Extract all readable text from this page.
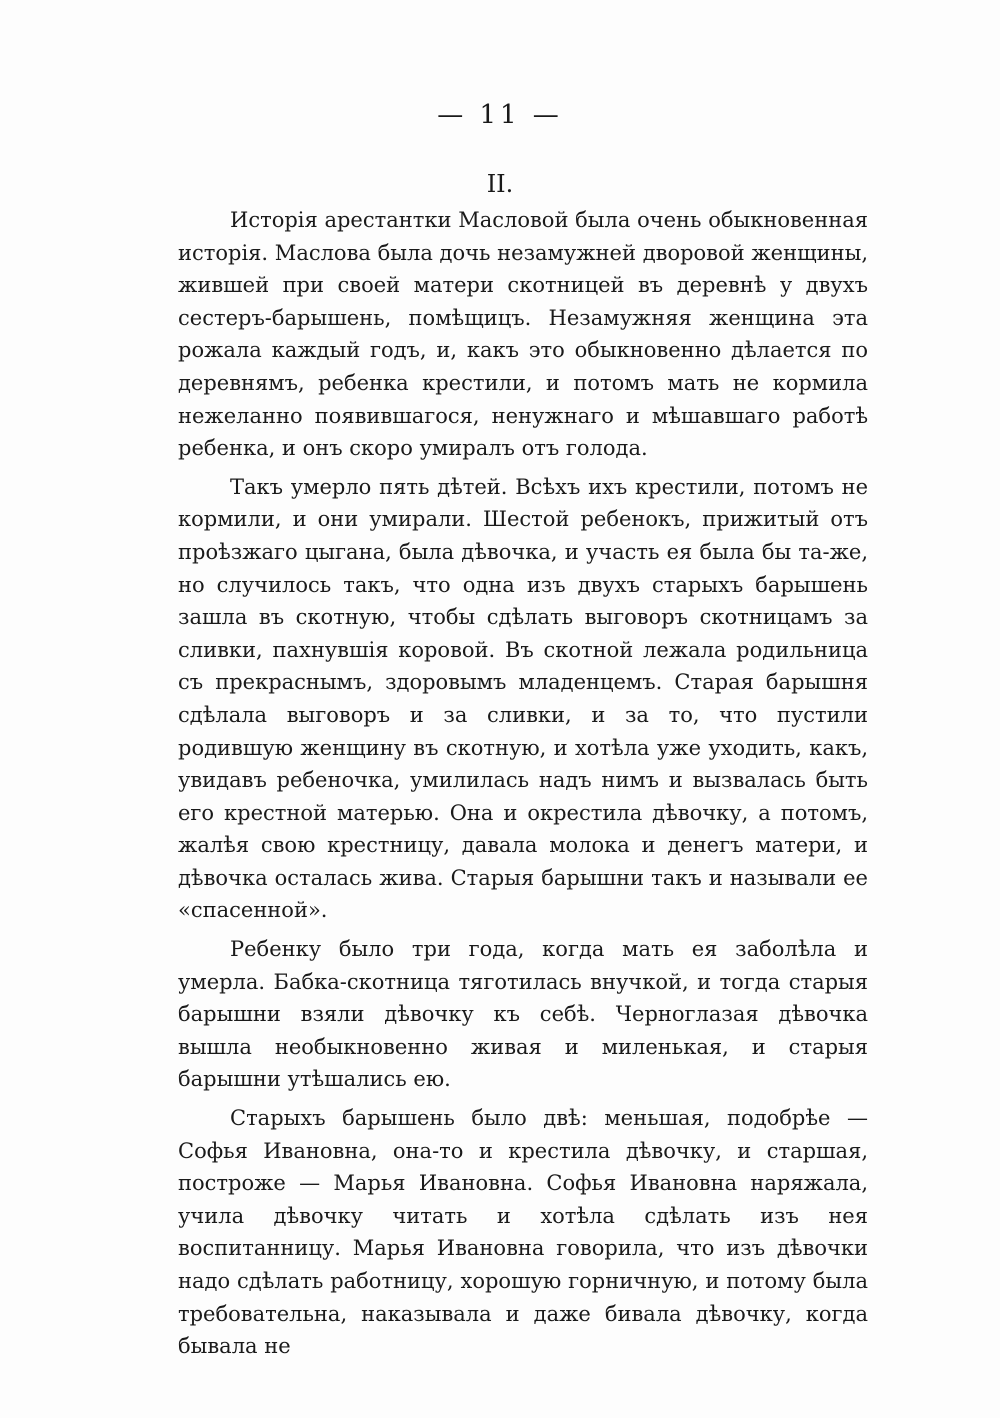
— 11 —
II.

Исторія арестантки Масловой была очень обыкновенная исторія. Маслова была дочь незамужней дворовой женщины, жившей при своей матери скотницей въ деревнѣ у двухъ сестеръ-барышень, помѣщицъ. Незамужняя женщина эта рожала каждый годъ, и, какъ это обыкновенно дѣлается по деревнямъ, ребенка крестили, и потомъ мать не кормила нежеланно появившагося, ненужнаго и мѣшавшаго работѣ ребенка, и онъ скоро умиралъ отъ голода.

Такъ умерло пять дѣтей. Всѣхъ ихъ крестили, потомъ не кормили, и они умирали. Шестой ребенокъ, прижитый отъ проѣзжаго цыгана, была дѣвочка, и участь ея была бы та-же, но случилось такъ, что одна изъ двухъ старыхъ барышень зашла въ скотную, чтобы сдѣлать выговоръ скотницамъ за сливки, пахнувшія коровой. Въ скотной лежала родильница съ прекраснымъ, здоровымъ младенцемъ. Старая барышня сдѣлала выговоръ и за сливки, и за то, что пустили родившую женщину въ скотную, и хотѣла уже уходить, какъ, увидавъ ребеночка, умилилась надъ нимъ и вызвалась быть его крестной матерью. Она и окрестила дѣвочку, а потомъ, жалѣя свою крестницу, давала молока и денегъ матери, и дѣвочка осталась жива. Старыя барышни такъ и называли ее «спасенной».

Ребенку было три года, когда мать ея заболѣла и умерла. Бабка-скотница тяготилась внучкой, и тогда старыя барышни взяли дѣвочку къ себѣ. Черноглазая дѣвочка вышла необыкновенно живая и миленькая, и старыя барышни утѣшались ею.

Старыхъ барышень было двѣ: меньшая, подобрѣе — Софья Ивановна, она-то и крестила дѣвочку, и старшая, построже — Марья Ивановна. Софья Ивановна наряжала, учила дѣвочку читать и хотѣла сдѣлать изъ нея воспитанницу. Марья Ивановна говорила, что изъ дѣвочки надо сдѣлать работницу, хорошую горничную, и потому была требовательна, наказывала и даже бивала дѣвочку, когда бывала не
